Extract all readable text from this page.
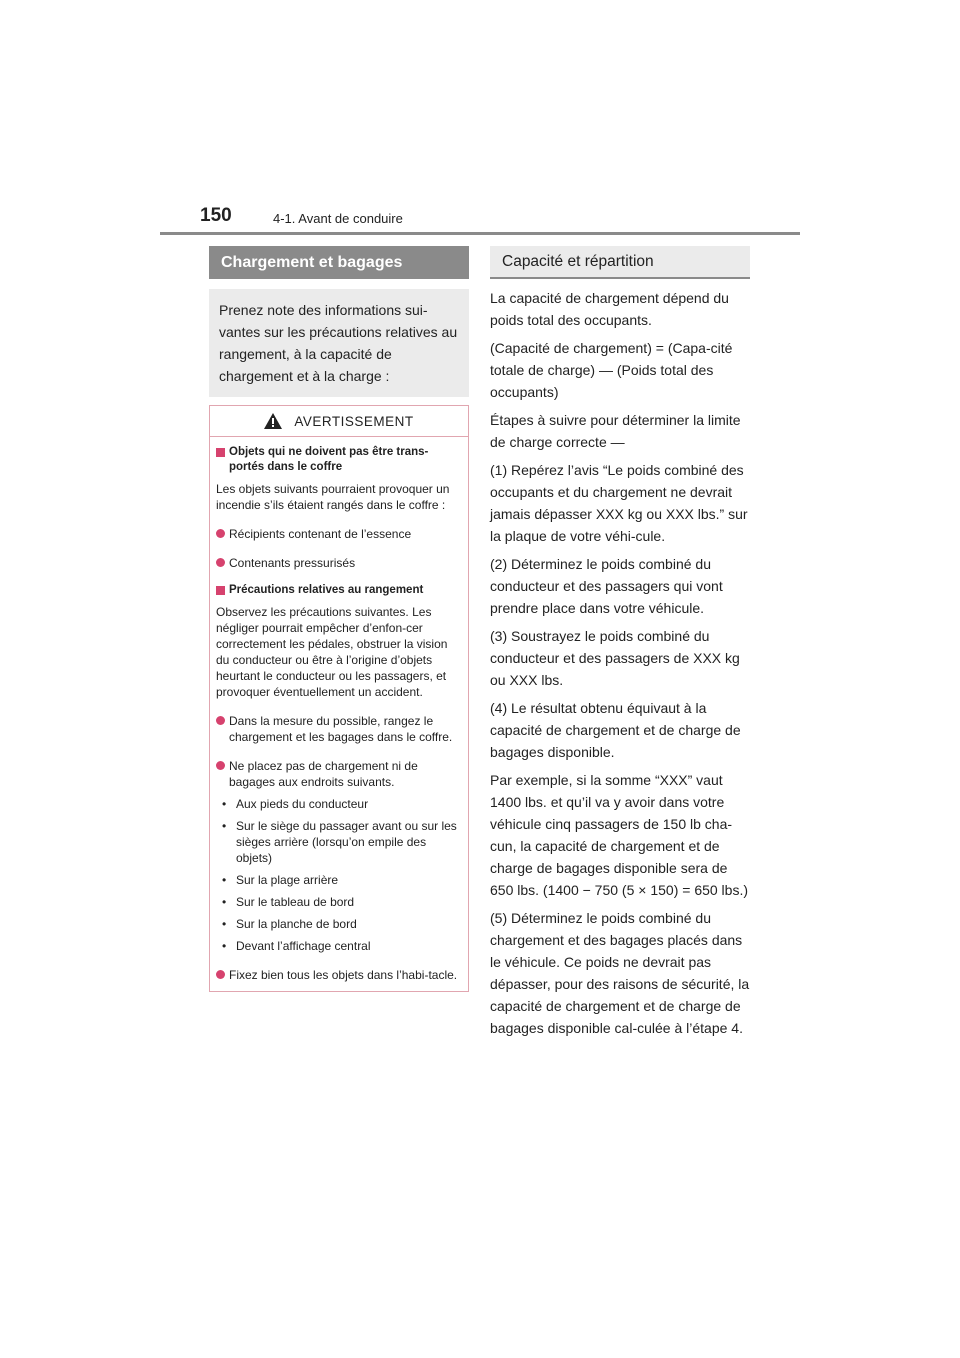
150	4-1. Avant de conduire
Chargement et bagages
Prenez note des informations sui-vantes sur les précautions relatives au rangement, à la capacité de chargement et à la charge :
AVERTISSEMENT
Objets qui ne doivent pas être trans-portés dans le coffre
Les objets suivants pourraient provoquer un incendie s’ils étaient rangés dans le coffre :
Récipients contenant de l’essence
Contenants pressurisés
Précautions relatives au rangement
Observez les précautions suivantes. Les négliger pourrait empêcher d’enfon-cer correctement les pédales, obstruer la vision du conducteur ou être à l’origine d’objets heurtant le conducteur ou les passagers, et provoquer éventuellement un accident.
Dans la mesure du possible, rangez le chargement et les bagages dans le coffre.
Ne placez pas de chargement ni de bagages aux endroits suivants.
• Aux pieds du conducteur
• Sur le siège du passager avant ou sur les sièges arrière (lorsqu’on empile des objets)
• Sur la plage arrière
• Sur le tableau de bord
• Sur la planche de bord
• Devant l’affichage central
Fixez bien tous les objets dans l’habi-tacle.
Capacité et répartition
La capacité de chargement dépend du poids total des occupants.
(Capacité de chargement) = (Capa-cité totale de charge) — (Poids total des occupants)
Étapes à suivre pour déterminer la limite de charge correcte —
(1) Repérez l’avis “Le poids combiné des occupants et du chargement ne devrait jamais dépasser XXX kg ou XXX lbs.” sur la plaque de votre véhi-cule.
(2) Déterminez le poids combiné du conducteur et des passagers qui vont prendre place dans votre véhicule.
(3) Soustrayez le poids combiné du conducteur et des passagers de XXX kg ou XXX lbs.
(4) Le résultat obtenu équivaut à la capacité de chargement et de charge de bagages disponible.
Par exemple, si la somme “XXX” vaut 1400 lbs. et qu’il va y avoir dans votre véhicule cinq passagers de 150 lb cha-cun, la capacité de chargement et de charge de bagages disponible sera de 650 lbs. (1400 − 750 (5 × 150) = 650 lbs.)
(5) Déterminez le poids combiné du chargement et des bagages placés dans le véhicule. Ce poids ne devrait pas dépasser, pour des raisons de sécurité, la capacité de chargement et de charge de bagages disponible cal-culée à l’étape 4.
